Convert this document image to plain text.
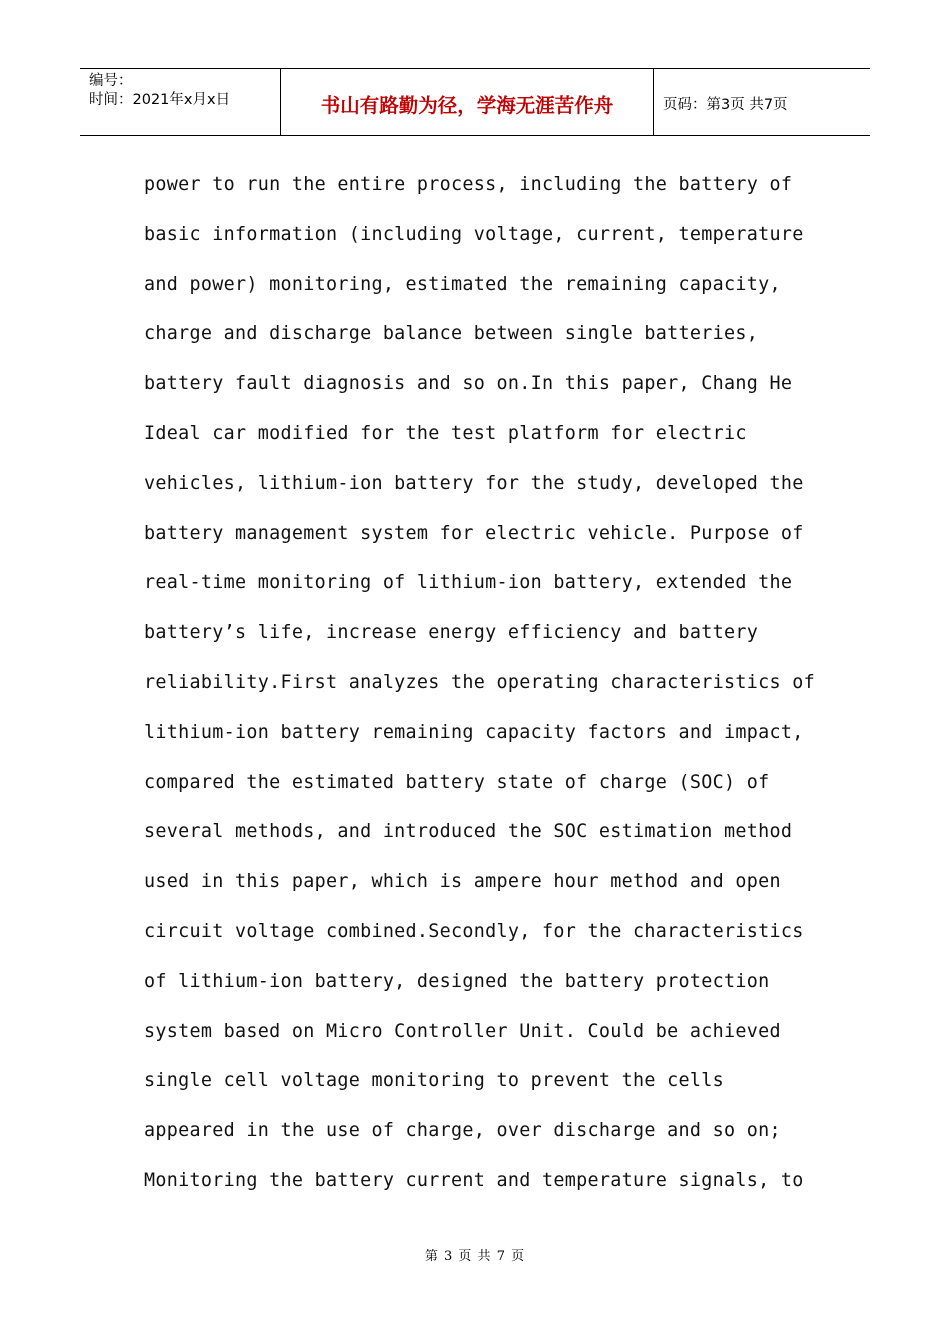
编号：
时间：2021年x月x日	书山有路勤为径，学海无涯苦作舟	页码：第3页 共7页
power to run the entire process, including the battery of
basic information (including voltage, current, temperature
and power) monitoring, estimated the remaining capacity,
charge and discharge balance between single batteries,
battery fault diagnosis and so on.In this paper, Chang He
Ideal car modified for the test platform for electric
vehicles, lithium-ion battery for the study, developed the
battery management system for electric vehicle. Purpose of
real-time monitoring of lithium-ion battery, extended the
battery’s life, increase energy efficiency and battery
reliability.First analyzes the operating characteristics of
lithium-ion battery remaining capacity factors and impact,
compared the estimated battery state of charge (SOC) of
several methods, and introduced the SOC estimation method
used in this paper, which is ampere hour method and open
circuit voltage combined.Secondly, for the characteristics
of lithium-ion battery, designed the battery protection
system based on Micro Controller Unit. Could be achieved
single cell voltage monitoring to prevent the cells
appeared in the use of charge, over discharge and so on;
Monitoring the battery current and temperature signals, to
第 3 页 共 7 页
